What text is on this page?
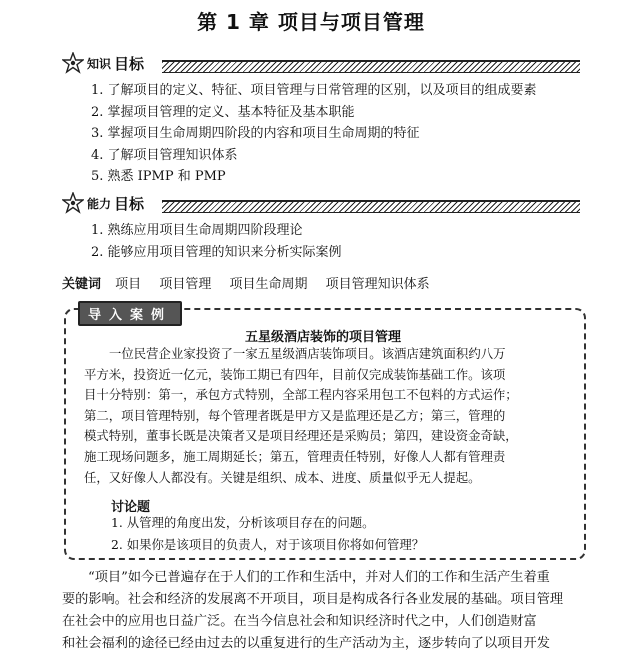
第 1 章 项目与项目管理
知识 目标
1. 了解项目的定义、特征、项目管理与日常管理的区别，以及项目的组成要素
2. 掌握项目管理的定义、基本特征及基本职能
3. 掌握项目生命周期四阶段的内容和项目生命周期的特征
4. 了解项目管理知识体系
5. 熟悉 IPMP 和 PMP
能力 目标
1. 熟练应用项目生命周期四阶段理论
2. 能够应用项目管理的知识来分析实际案例
关键词 项目 项目管理 项目生命周期 项目管理知识体系
导入案例
五星级酒店装饰的项目管理
一位民营企业家投资了一家五星级酒店装饰项目。该酒店建筑面积约八万
平方米，投资近一亿元，装饰工期已有四年，目前仅完成装饰基础工作。该项
目十分特别：第一，承包方式特别，全部工程内容采用包工不包料的方式运作；
第二，项目管理特别，每个管理者既是甲方又是监理还是乙方；第三，管理的
模式特别，董事长既是决策者又是项目经理还是采购员；第四，建设资金奇缺，
施工现场问题多，施工周期延长；第五，管理责任特别，好像人人都有管理责
任，又好像人人都没有。关键是组织、成本、进度、质量似乎无人提起。
讨论题
1. 从管理的角度出发，分析该项目存在的问题。
2. 如果你是该项目的负责人，对于该项目你将如何管理？
“项目”如今已普遍存在于人们的工作和生活中，并对人们的工作和生活产生着重
要的影响。社会和经济的发展离不开项目，项目是构成各行各业发展的基础。项目管理
在社会中的应用也日益广泛。在当今信息社会和知识经济时代之中，人们创造财富
和社会福利的途径已经由过去的以重复进行的生产活动为主，逐步转向了以项目开发
